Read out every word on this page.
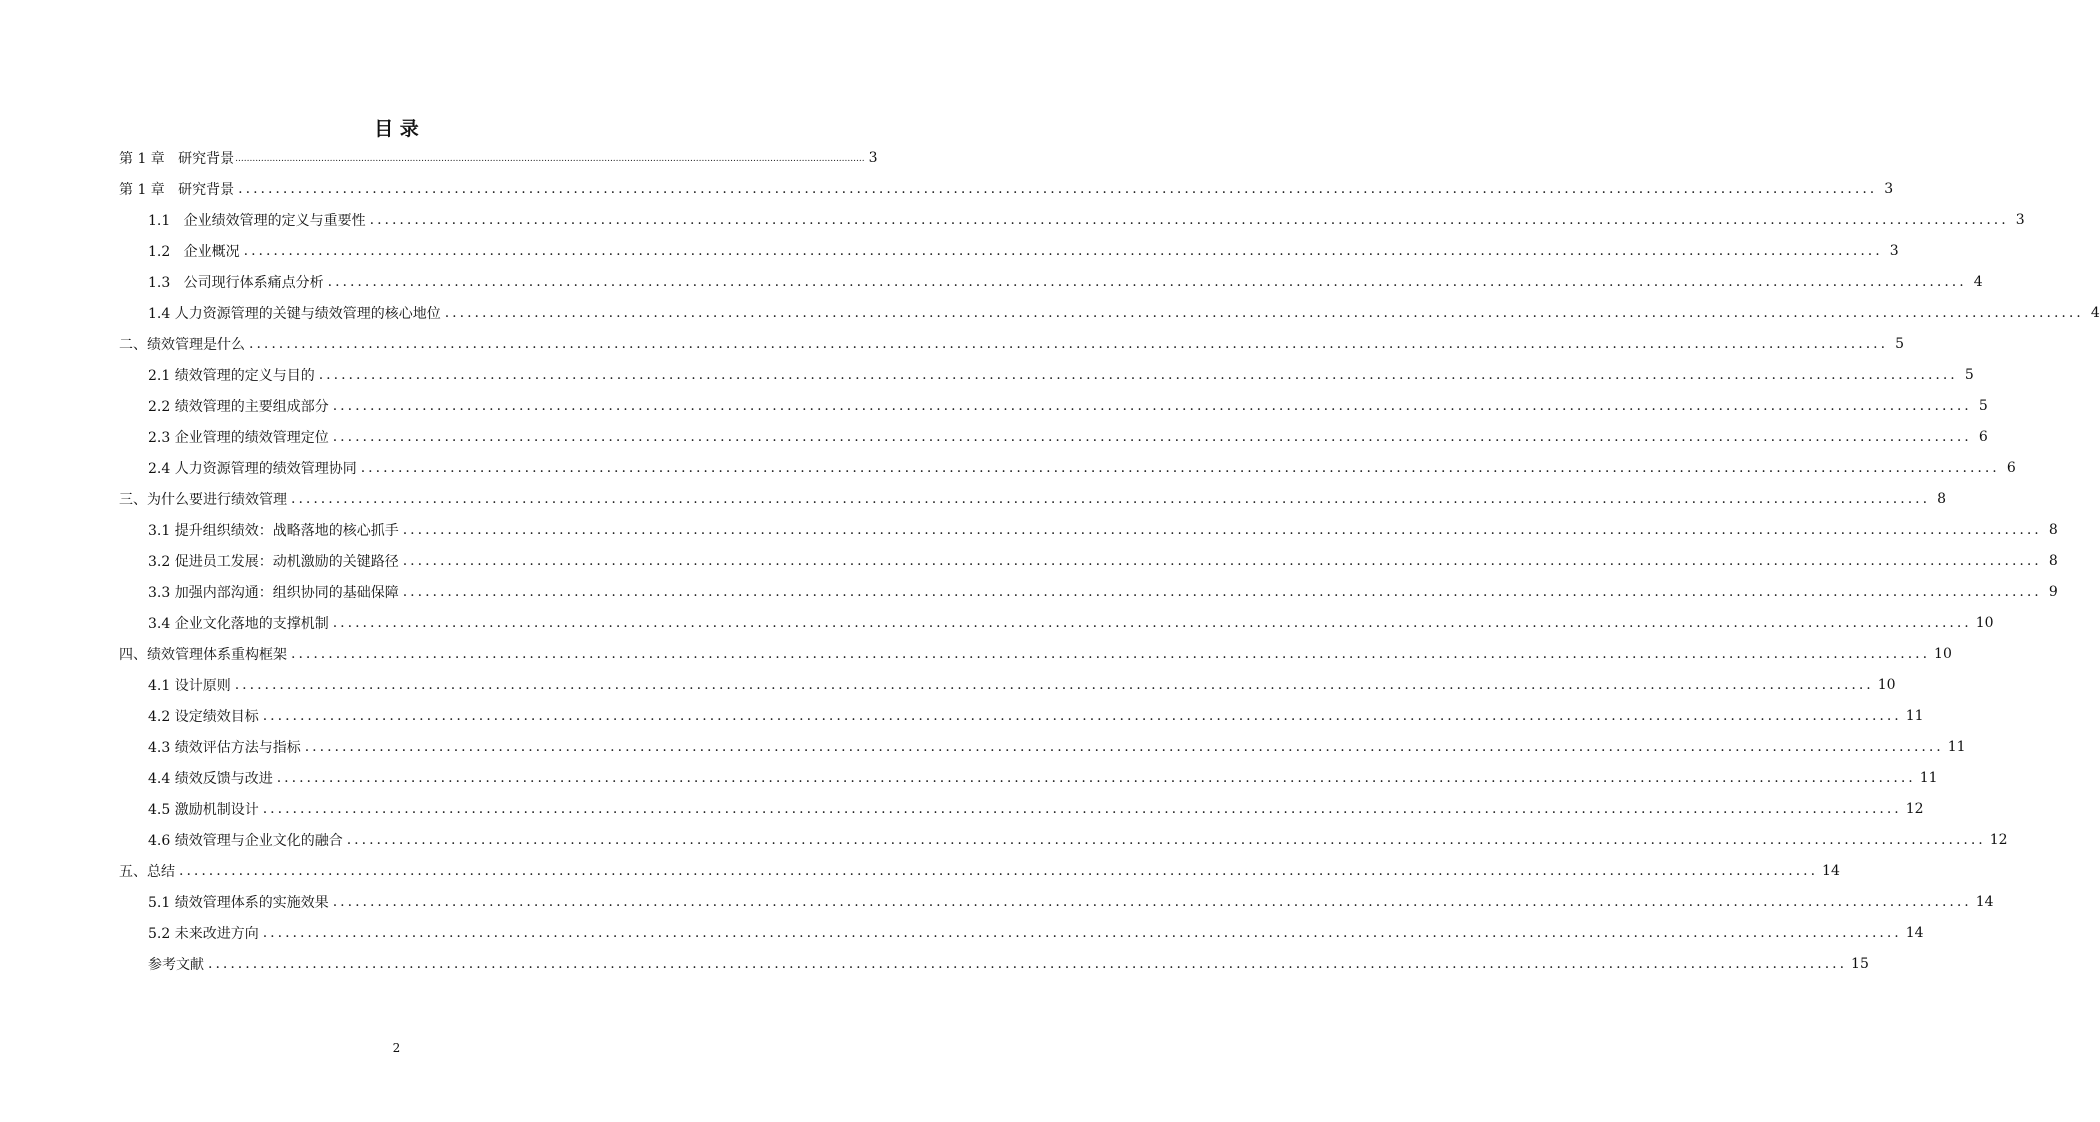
目 录
第 1 章   研究背景 ............................................................................................................................................................................................................................ 3
第 1 章   研究背景 ............................................................................................................................................................................................................................ 3
1.1   企业绩效管理的定义与重要性 ............................................................................................................................................................................................................................ 3
1.2   企业概况 ............................................................................................................................................................................................................................ 3
1.3   公司现行体系痛点分析 ............................................................................................................................................................................................................................ 4
1.4 人力资源管理的关键与绩效管理的核心地位 ............................................................................................................................................................................................................................ 4
二、绩效管理是什么 ............................................................................................................................................................................................................................ 5
2.1 绩效管理的定义与目的 ............................................................................................................................................................................................................................ 5
2.2 绩效管理的主要组成部分 ............................................................................................................................................................................................................................ 5
2.3 企业管理的绩效管理定位 ............................................................................................................................................................................................................................ 6
2.4 人力资源管理的绩效管理协同 ............................................................................................................................................................................................................................ 6
三、为什么要进行绩效管理 ............................................................................................................................................................................................................................ 8
3.1 提升组织绩效：战略落地的核心抓手 ............................................................................................................................................................................................................................ 8
3.2 促进员工发展：动机激励的关键路径 ............................................................................................................................................................................................................................ 8
3.3 加强内部沟通：组织协同的基础保障 ............................................................................................................................................................................................................................ 9
3.4 企业文化落地的支撑机制 ............................................................................................................................................................................................................................ 10
四、绩效管理体系重构框架 ............................................................................................................................................................................................................................ 10
4.1 设计原则 ............................................................................................................................................................................................................................ 10
4.2 设定绩效目标 ............................................................................................................................................................................................................................ 11
4.3 绩效评估方法与指标 ............................................................................................................................................................................................................................ 11
4.4 绩效反馈与改进 ............................................................................................................................................................................................................................ 11
4.5 激励机制设计 ............................................................................................................................................................................................................................ 12
4.6 绩效管理与企业文化的融合 ............................................................................................................................................................................................................................ 12
五、总结 ............................................................................................................................................................................................................................ 14
5.1 绩效管理体系的实施效果 ............................................................................................................................................................................................................................ 14
5.2 未来改进方向 ............................................................................................................................................................................................................................ 14
参考文献 ............................................................................................................................................................................................................................ 15
2
